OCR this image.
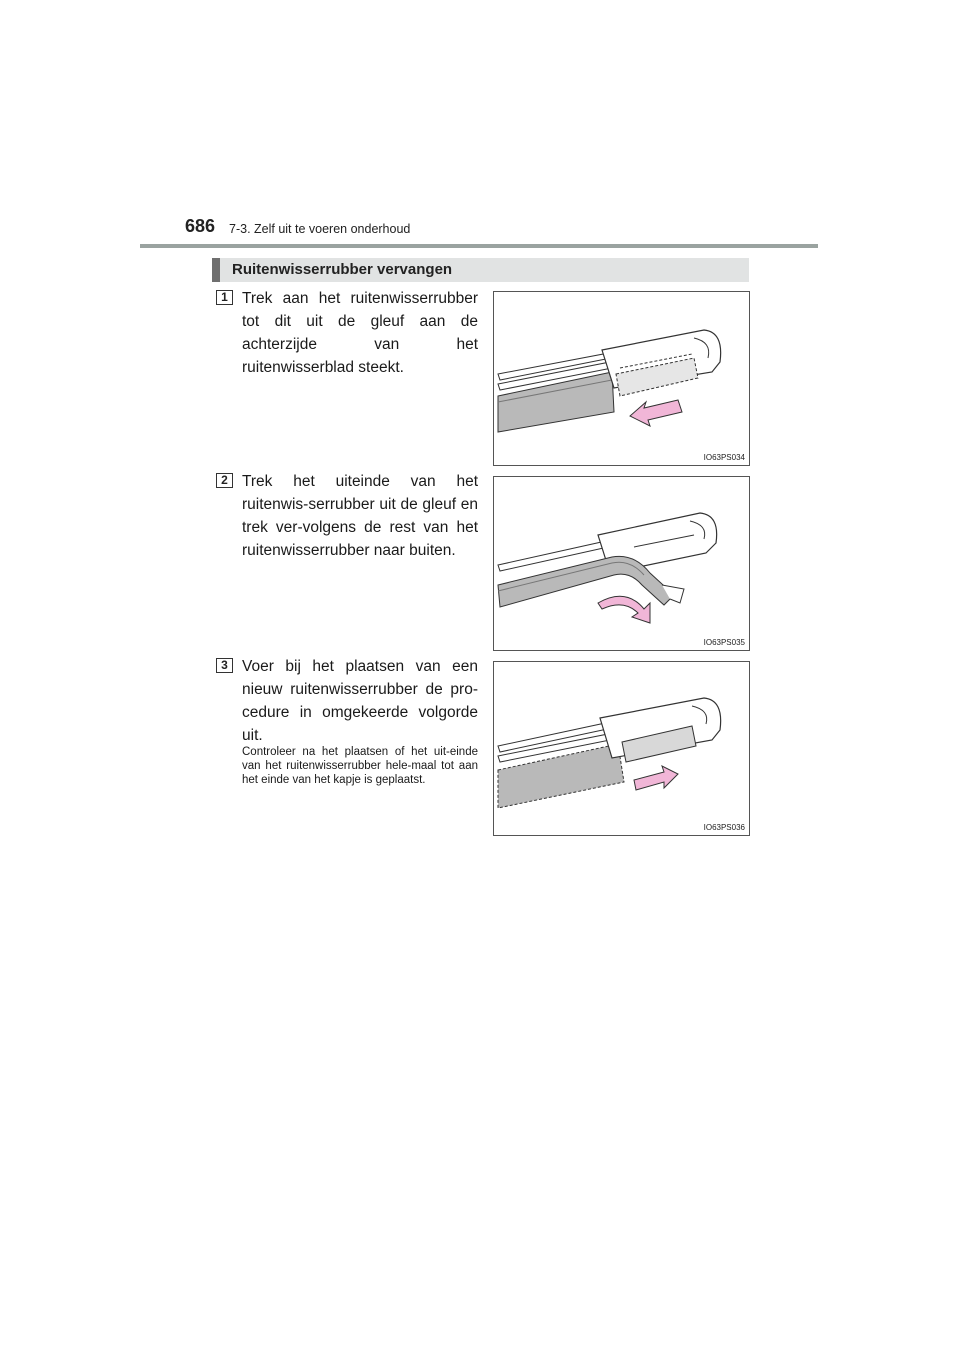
686 7-3. Zelf uit te voeren onderhoud
Ruitenwisserrubber vervangen
1 Trek aan het ruitenwisserrubber tot dit uit de gleuf aan de achterzijde van het ruitenwisserblad steekt.
IO63PS034
2 Trek het uiteinde van het ruitenwis-serrubber uit de gleuf en trek ver-volgens de rest van het ruitenwisserrubber naar buiten.
IO63PS035
3 Voer bij het plaatsen van een nieuw ruitenwisserrubber de pro-cedure in omgekeerde volgorde uit.
Controleer na het plaatsen of het uit-einde van het ruitenwisserrubber hele-maal tot aan het einde van het kapje is geplaatst.
IO63PS036
